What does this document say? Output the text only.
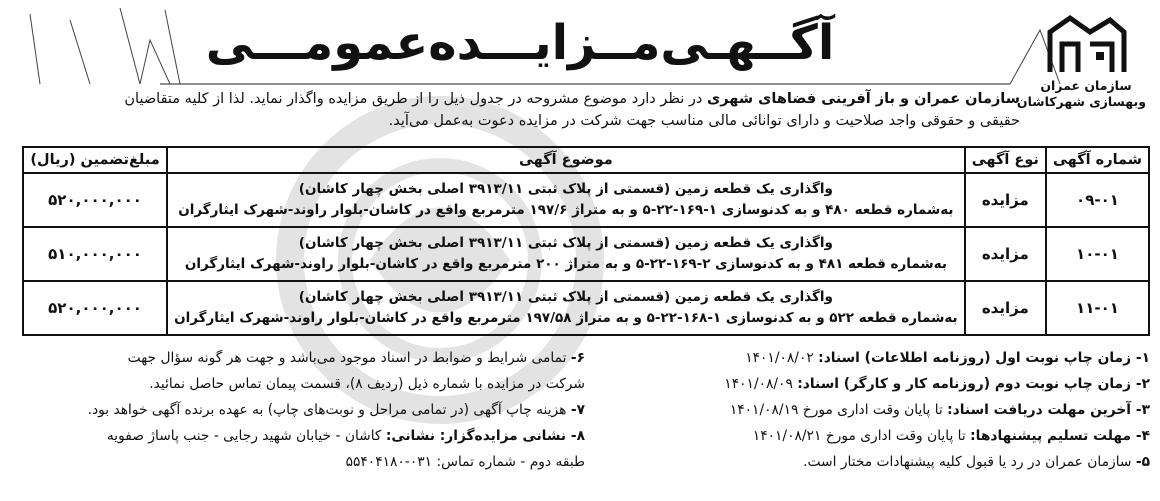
سازمان عمران
وبهسازی شهرکاشان
آگــهـی‌مــزایـــده‌عمومـــی
سازمان عمران و باز آفرینی فضاهای شهری در نظر دارد موضوع مشروحه در جدول ذیل را از طریق مزایده واگذار نماید. لذا از کلیه متقاضیان
حقیقی و حقوقی واجد صلاحیت و دارای توانائی مالی مناسب جهت شرکت در مزایده دعوت به‌عمل می‌آید.
شماره آگهی	نوع آگهی	موضوع آگهی	مبلغ‌تضمین (ریال)
۰۹-۰۱	مزایده	واگذاری یک قطعه زمین (قسمتی از پلاک ثبتی ۳۹۱۳/۱۱ اصلی بخش چهار کاشان)
به‌شماره قطعه ۴۸۰ و به کدنوسازی ۱-۱۶۹-۲۲-۵ و به متراژ ۱۹۷/۶ مترمربع واقع در کاشان-بلوار راوند-شهرک ایثارگران	۵۲۰,۰۰۰,۰۰۰
۱۰-۰۱	مزایده	واگذاری یک قطعه زمین (قسمتی از پلاک ثبتی ۳۹۱۳/۱۱ اصلی بخش چهار کاشان)
به‌شماره قطعه ۴۸۱ و به کدنوسازی ۲-۱۶۹-۲۲-۵ و به متراژ ۲۰۰ مترمربع واقع در کاشان-بلوار راوند-شهرک ایثارگران	۵۱۰,۰۰۰,۰۰۰
۱۱-۰۱	مزایده	واگذاری یک قطعه زمین (قسمتی از پلاک ثبتی ۳۹۱۳/۱۱ اصلی بخش چهار کاشان)
به‌شماره قطعه ۵۲۲ و به کدنوسازی ۱-۱۶۸-۲۲-۵ و به متراژ ۱۹۷/۵۸ مترمربع واقع در کاشان-بلوار راوند-شهرک ایثارگران	۵۲۰,۰۰۰,۰۰۰
۱- زمان چاپ نوبت اول (روزنامه اطلاعات) اسناد: ۱۴۰۱/۰۸/۰۲
۲- زمان چاپ نوبت دوم (روزنامه کار و کارگر) اسناد: ۱۴۰۱/۰۸/۰۹
۳- آخرین مهلت دریافت اسناد: تا پایان وقت اداری مورخ ۱۴۰۱/۰۸/۱۹
۴- مهلت تسلیم پیشنهادها: تا پایان وقت اداری مورخ ۱۴۰۱/۰۸/۲۱
۵- سازمان عمران در رد یا قبول کلیه پیشنهادات مختار است.
۶- تمامی شرایط و ضوابط در اسناد موجود می‌باشد و جهت هر گونه سؤال جهت
شرکت در مزایده با شماره ذیل (ردیف ۸)، قسمت پیمان تماس حاصل نمائید.
۷- هزینه چاپ آگهی (در تمامی مراحل و نوبت‌های چاپ) به عهده برنده آگهی خواهد بود.
۸- نشانی مزایده‌گزار: نشانی: کاشان - خیابان شهید رجایی - جنب پاساژ صفویه
طبقه دوم - شماره تماس: ۰۳۱-۵۵۴۰۴۱۸۰
